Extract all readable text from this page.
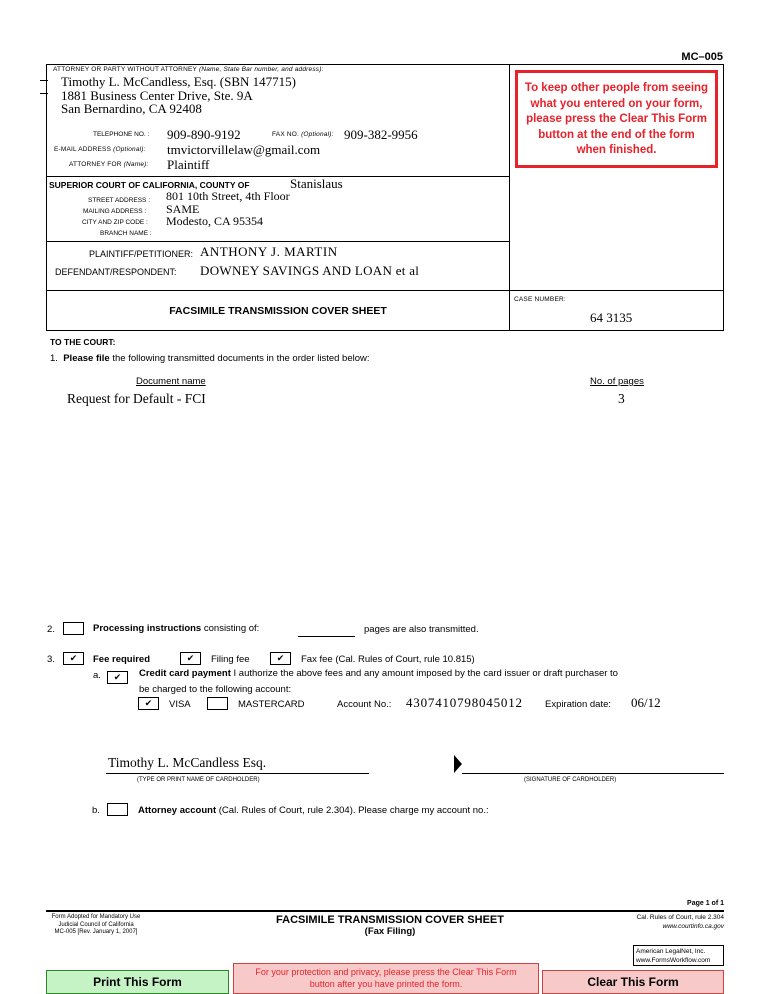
MC–005
ATTORNEY OR PARTY WITHOUT ATTORNEY (Name, State Bar number, and address):
Timothy L. McCandless, Esq. (SBN 147715)
1881 Business Center Drive, Ste. 9A
San Bernardino, CA 92408
TELEPHONE NO. : 909-890-9192	FAX NO. (Optional): 909-382-9956
E-MAIL ADDRESS (Optional): tmvictorvillelaw@gmail.com
ATTORNEY FOR (Name): Plaintiff
To keep other people from seeing what you entered on your form, please press the Clear This Form button at the end of the form when finished.
SUPERIOR COURT OF CALIFORNIA, COUNTY OF	Stanislaus
STREET ADDRESS : 801 10th Street, 4th Floor
MAILING ADDRESS : SAME
CITY AND ZIP CODE : Modesto, CA 95354
BRANCH NAME :
PLAINTIFF/PETITIONER: ANTHONY J. MARTIN
DEFENDANT/RESPONDENT: DOWNEY SAVINGS AND LOAN et al
FACSIMILE TRANSMISSION COVER SHEET
CASE NUMBER:
64 3135
TO THE COURT:
1. Please file the following transmitted documents in the order listed below:
Document name	No. of pages
Request for Default - FCI	3
2.	Processing instructions consisting of:	pages are also transmitted.
3. ✔	Fee required ✔	Filing fee ✔	Fax fee (Cal. Rules of Court, rule 10.815)
a. ✔	Credit card payment I authorize the above fees and any amount imposed by the card issuer or draft purchaser to
be charged to the following account:
✔
VISA	MASTERCARD	Account No.: 4307410798045012 Expiration date: 06/12
Timothy L. McCandless Esq.
(TYPE OR PRINT NAME OF CARDHOLDER)	(SIGNATURE OF CARDHOLDER)
b.	Attorney account (Cal. Rules of Court, rule 2.304). Please charge my account no.:
Page 1 of 1
Form Adopted for Mandatory Use
Judicial Council of California
MC-005 [Rev. January 1, 2007]
FACSIMILE TRANSMISSION COVER SHEET
(Fax Filing)
Cal. Rules of Court, rule 2.304
www.courtinfo.ca.gov
American LegalNet, Inc.
www.FormsWorkflow.com
Print This Form
For your protection and privacy, please press the Clear This Form button after you have printed the form.	Clear This Form
